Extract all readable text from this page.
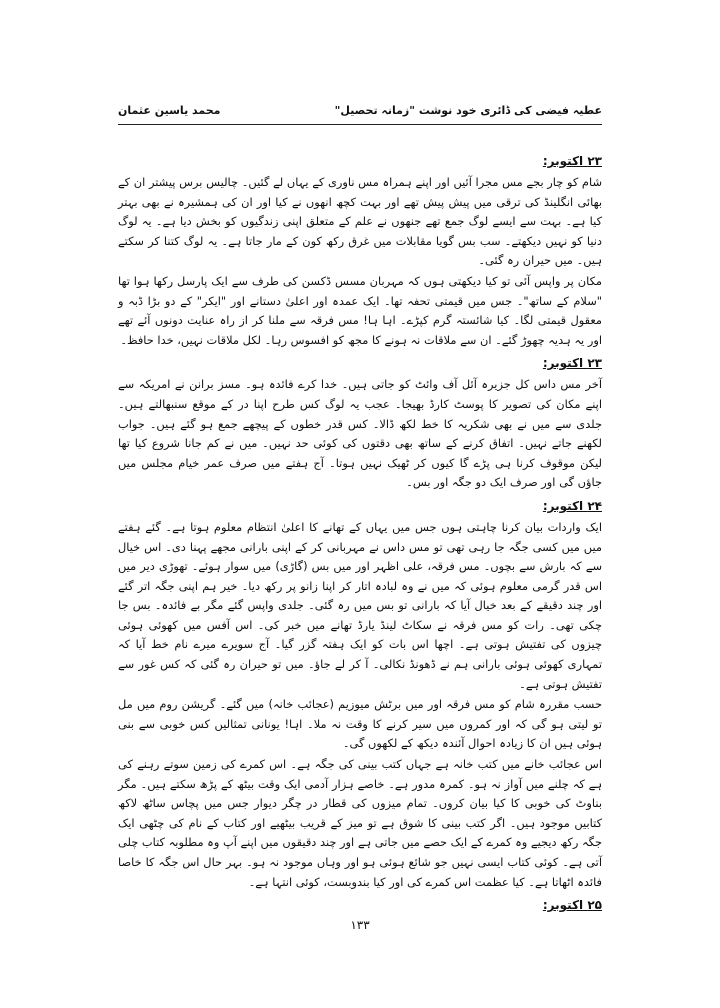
عطیہ فیضی کی ڈائری خود نوشت "زمانہ تحصیل"
محمد یاسین عثمان
۲۳ اکتوبر:

شام کو چار بجے مس مجرا آئیں اور اپنے ہمراہ مس ناوری کے یہاں لے گئیں۔ چالیس برس پیشتر ان کے بھائی انگلینڈ کی ترقی میں پیش پیش تھے اور بہت کچھ انھوں نے کیا اور ان کی ہمشیرہ نے بھی بہتر کیا ہے۔ بہت سے ایسے لوگ جمع تھے جنھوں نے علم کے متعلق اپنی زندگیوں کو بخش دیا ہے۔ یہ لوگ دنیا کو نہیں دیکھتے۔ سب بس گویا مقابلات میں غرق رکھ کون کے مار جاتا ہے۔ یہ لوگ کتنا کر سکتے ہیں۔ میں حیران رہ گئی۔

مکان پر واپس آئی تو کیا دیکھتی ہوں کہ مہربان مسس ڈکسن کی طرف سے ایک پارسل رکھا ہوا تھا "سلام کے ساتھ"۔ جس میں قیمتی تحفہ تھا۔ ایک عمدہ اور اعلیٰ دستانے اور "ایکر" کے دو بڑا ڈبہ و معقول قیمتی لگا۔ کیا شائستہ گرم کپڑے۔ اہا ہا! مس فرقہ سے ملنا کر از راہ عنایت دونوں آئے تھے اور یہ ہدیہ چھوڑ گئے۔ ان سے ملاقات نہ ہونے کا مجھ کو افسوس رہا۔ لکل ملاقات نہیں، خدا حافظ۔

۲۳ اکتوبر:

آخر مس داس کل جزیرہ آئل آف وائٹ کو جاتی ہیں۔ خدا کرے فائدہ ہو۔ مسز برانن نے امریکہ سے اپنے مکان کی تصویر کا پوسٹ کارڈ بھیجا۔ عجب یہ لوگ کس طرح اپنا در کے موقع سنبھالتے ہیں۔ جلدی سے میں نے بھی شکریہ کا خط لکھ ڈالا۔ کس قدر خطوں کے پیچھے جمع ہو گئے ہیں۔ جواب لکھنے جاتے نہیں۔ اتفاق کرنے کے ساتھ بھی دقتوں کی کوئی حد نہیں۔ میں نے کم جانا شروع کیا تھا لیکن موقوف کرنا ہی پڑے گا کیوں کر ٹھیک نہیں ہوتا۔ آج ہفتے میں صرف عمر خیام مجلس میں جاؤں گی اور صرف ایک دو جگہ اور بس۔

۲۴ اکتوبر:

ایک واردات بیان کرنا چاہتی ہوں جس میں یہاں کے تھانے کا اعلیٰ انتظام معلوم ہوتا ہے۔ گئے ہفتے میں میں کسی جگہ جا رہی تھی تو مس داس نے مہربانی کر کے اپنی بارانی مجھے پہنا دی۔ اس خیال سے کہ بارش سے بچوں۔ مس فرقہ، علی اظہر اور میں بس (گاڑی) میں سوار ہوئے۔ تھوڑی دیر میں اس قدر گرمی معلوم ہوئی کہ میں نے وہ لبادہ اتار کر اپنا زانو پر رکھ دیا۔ خیر ہم اپنی جگہ اتر گئے اور چند دقیقے کے بعد خیال آیا کہ بارانی تو بس میں رہ گئی۔ جلدی واپس گئے مگر بے فائدہ۔ بس جا چکی تھی۔ رات کو مس فرقہ نے سکاٹ لینڈ یارڈ تھانے میں خبر کی۔ اس آفس میں کھوئی ہوئی چیزوں کی تفتیش ہوتی ہے۔ اچھا اس بات کو ایک ہفتہ گزر گیا۔ آج سویرے میرے نام خط آیا کہ تمہاری کھوئی ہوئی بارانی ہم نے ڈھونڈ نکالی۔ آ کر لے جاؤ۔ میں تو حیران رہ گئی کہ کس غور سے تفتیش ہوتی ہے۔

حسب مقررہ شام کو مس فرقہ اور میں برٹش میوزیم (عجائب خانہ) میں گئے۔ گریشن روم میں مل تو لیتی ہو گی کہ اور کمروں میں سیر کرنے کا وقت نہ ملا۔ اہا! یونانی تمثالیں کس خوبی سے بنی ہوئی ہیں ان کا زیادہ احوال آئندہ دیکھ کے لکھوں گی۔

اس عجائب خانے میں کتب خانہ ہے جہاں کتب بینی کی جگہ ہے۔ اس کمرے کی زمین سوتے رہنے کی ہے کہ چلنے میں آواز نہ ہو۔ کمرہ مدور ہے۔ خاصے ہزار آدمی ایک وقت بیٹھ کے پڑھ سکتے ہیں۔ مگر بناوٹ کی خوبی کا کیا بیان کروں۔ تمام میزوں کی قطار در چگر دیوار جس میں پچاس ساٹھ لاکھ کتابیں موجود ہیں۔ اگر کتب بینی کا شوق ہے تو میز کے قریب بیٹھیے اور کتاب کے نام کی چٹھی ایک جگہ رکھ دیجیے وہ کمرے کے ایک حصے میں جاتی ہے اور چند دقیقوں میں اپنے آپ وہ مطلوبہ کتاب چلی آتی ہے۔ کوئی کتاب ایسی نہیں جو شائع ہوئی ہو اور وہاں موجود نہ ہو۔ بہر حال اس جگہ کا خاصا فائدہ اٹھاتا ہے۔ کیا عظمت اس کمرے کی اور کیا بندوبست، کوئی انتہا ہے۔

۲۵ اکتوبر:
۱۳۳
